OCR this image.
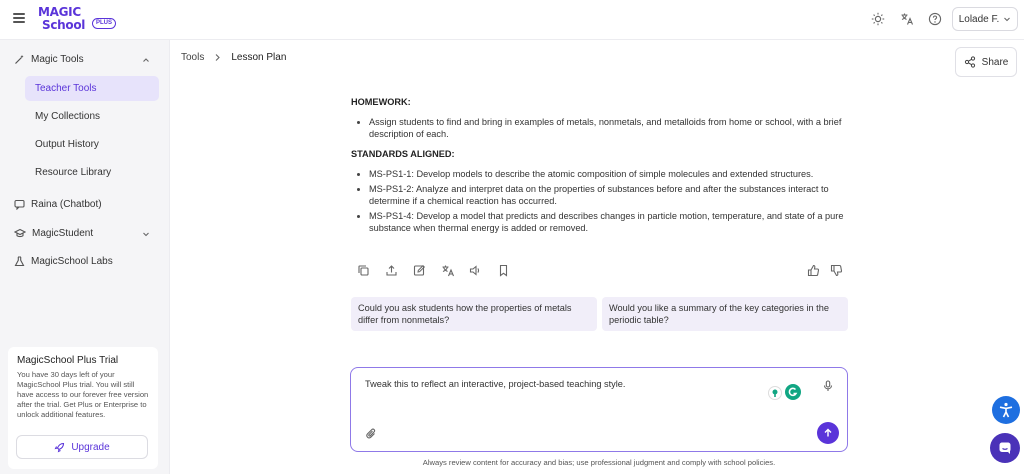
MAGIC
School	PLUS	Lolade F.
Magic Tools
Teacher Tools
My Collections
Output History
Resource Library
Raina (Chatbot)
MagicStudent
MagicSchool Labs
MagicSchool Plus Trial
You have 30 days left of your MagicSchool Plus trial. You will still have access to our forever free version after the trial. Get Plus or Enterprise to unlock additional features.
Upgrade
Tools	Lesson Plan	Share
HOMEWORK:
Assign students to find and bring in examples of metals, nonmetals, and metalloids from home or school, with a brief description of each.
STANDARDS ALIGNED:
MS-PS1-1: Develop models to describe the atomic composition of simple molecules and extended structures.
MS-PS1-2: Analyze and interpret data on the properties of substances before and after the substances interact to determine if a chemical reaction has occurred.
MS-PS1-4: Develop a model that predicts and describes changes in particle motion, temperature, and state of a pure substance when thermal energy is added or removed.
Could you ask students how the properties of metals differ from nonmetals?
Would you like a summary of the key categories in the periodic table?
Tweak this to reflect an interactive, project-based teaching style.
Always review content for accuracy and bias; use professional judgment and comply with school policies.
